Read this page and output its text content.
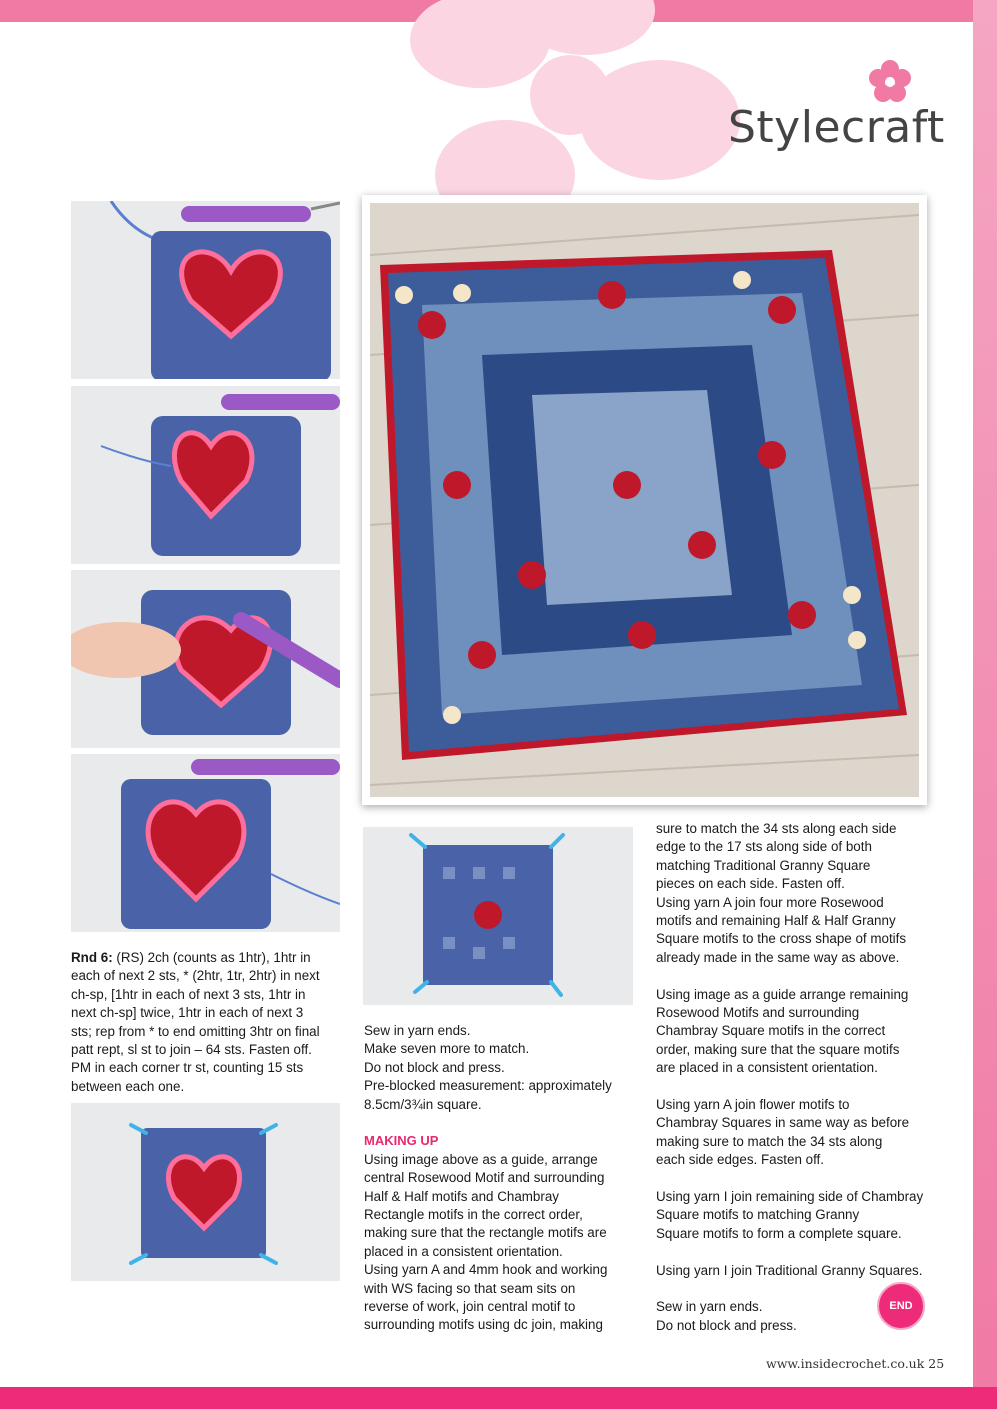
Stylecraft

Rnd 6: (RS) 2ch (counts as 1htr), 1htr in

each of next 2 sts, * (2htr, 1tr, 2htr) in next

ch-sp, [1htr in each of next 3 sts, 1htr in

next ch-sp] twice, 1htr in each of next 3

sts; rep from * to end omitting 3htr on final

patt rept, sl st to join – 64 sts. Fasten off.

PM in each corner tr st, counting 15 sts

between each one.

Sew in yarn ends.

Make seven more to match.

Do not block and press.

Pre-blocked measurement: approximately

8.5cm/3¾in square.

MAKING UP

Using image above as a guide, arrange

central Rosewood Motif and surrounding

Half & Half motifs and Chambray

Rectangle motifs in the correct order,

making sure that the rectangle motifs are

placed in a consistent orientation.

Using yarn A and 4mm hook and working

with WS facing so that seam sits on

reverse of work, join central motif to

surrounding motifs using dc join, making

sure to match the 34 sts along each side

edge to the 17 sts along side of both

matching Traditional Granny Square

pieces on each side. Fasten off.

Using yarn A join four more Rosewood

motifs and remaining Half & Half Granny

Square motifs to the cross shape of motifs

already made in the same way as above.

Using image as a guide arrange remaining

Rosewood Motifs and surrounding

Chambray Square motifs in the correct

order, making sure that the square motifs

are placed in a consistent orientation.

Using yarn A join flower motifs to

Chambray Squares in same way as before

making sure to match the 34 sts along

each side edges. Fasten off.

Using yarn I join remaining side of Chambray

Square motifs to matching Granny

Square motifs to form a complete square.

Using yarn I join Traditional Granny Squares.

Sew in yarn ends.

Do not block and press.

END
www.insidecrochet.co.uk 25
